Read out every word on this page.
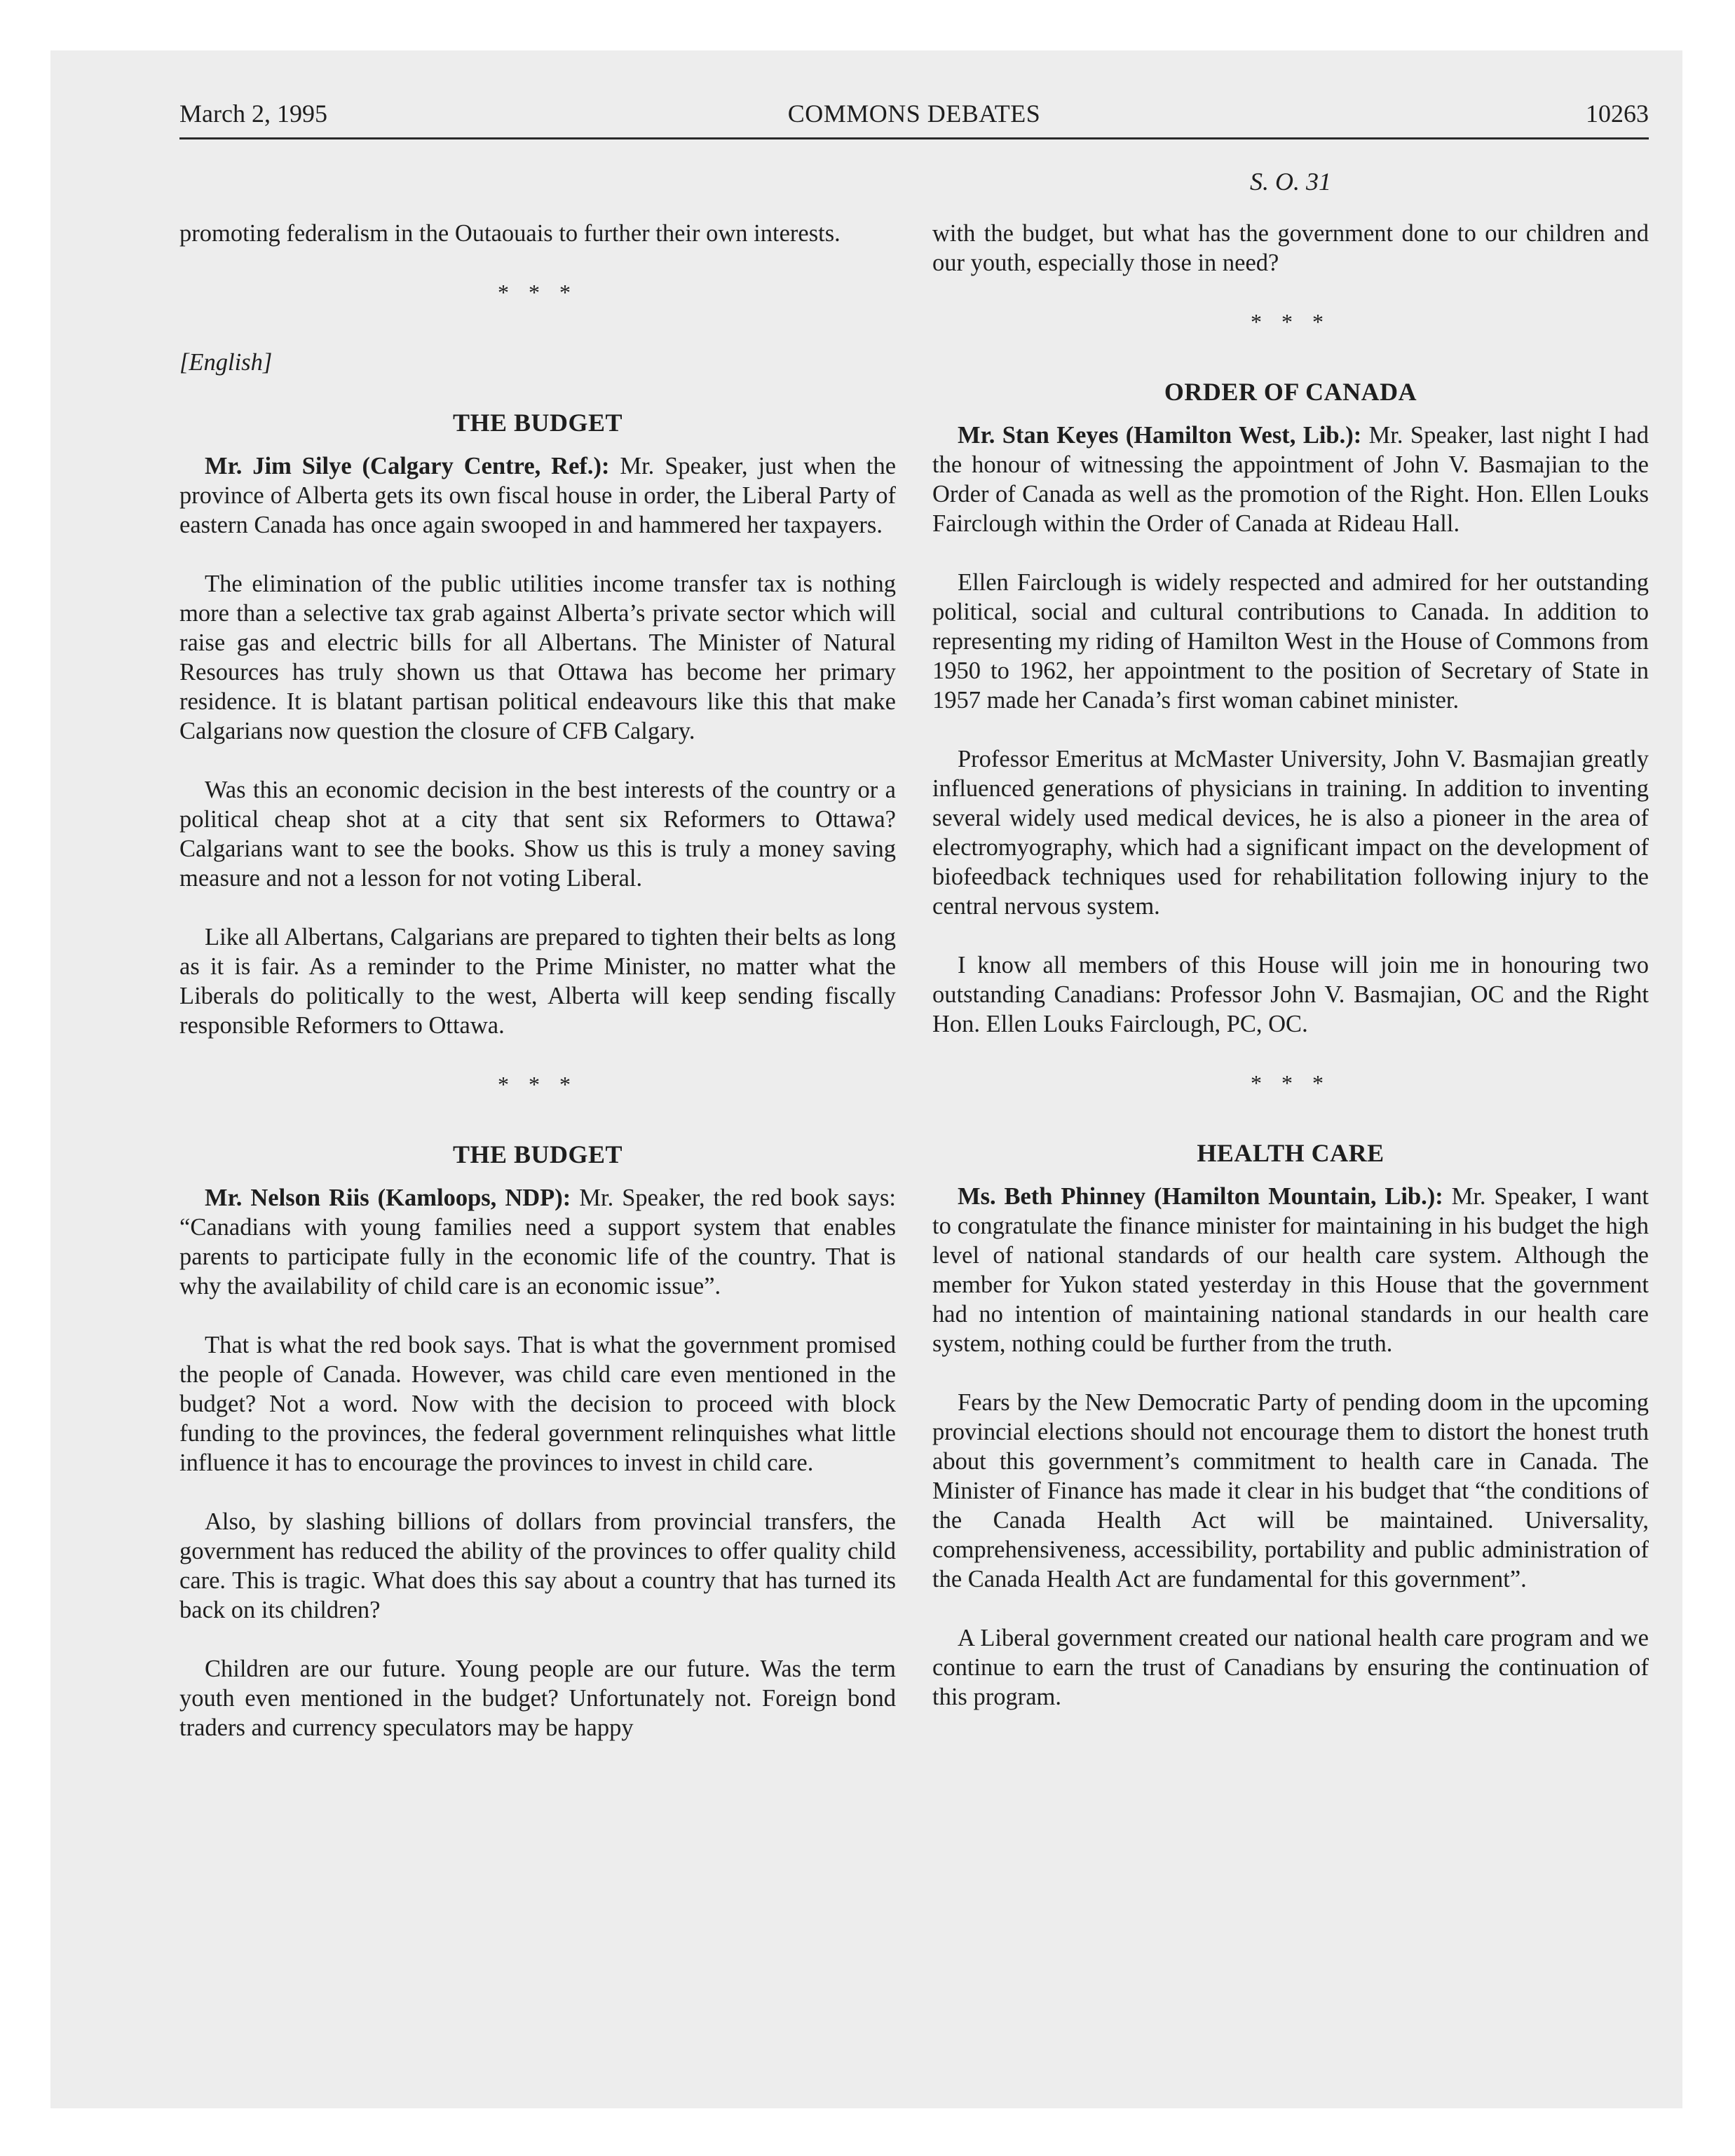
March 2, 1995	COMMONS DEBATES	10263
S. O. 31

promoting federalism in the Outaouais to further their own interests.

* * *
[English]
THE BUDGET

Mr. Jim Silye (Calgary Centre, Ref.): Mr. Speaker, just when the province of Alberta gets its own fiscal house in order, the Liberal Party of eastern Canada has once again swooped in and hammered her taxpayers.

The elimination of the public utilities income transfer tax is nothing more than a selective tax grab against Alberta’s private sector which will raise gas and electric bills for all Albertans. The Minister of Natural Resources has truly shown us that Ottawa has become her primary residence. It is blatant partisan political endeavours like this that make Calgarians now question the closure of CFB Calgary.

Was this an economic decision in the best interests of the country or a political cheap shot at a city that sent six Reformers to Ottawa? Calgarians want to see the books. Show us this is truly a money saving measure and not a lesson for not voting Liberal.

Like all Albertans, Calgarians are prepared to tighten their belts as long as it is fair. As a reminder to the Prime Minister, no matter what the Liberals do politically to the west, Alberta will keep sending fiscally responsible Reformers to Ottawa.

* * *
THE BUDGET

Mr. Nelson Riis (Kamloops, NDP): Mr. Speaker, the red book says: “Canadians with young families need a support system that enables parents to participate fully in the economic life of the country. That is why the availability of child care is an economic issue”.

That is what the red book says. That is what the government promised the people of Canada. However, was child care even mentioned in the budget? Not a word. Now with the decision to proceed with block funding to the provinces, the federal government relinquishes what little influence it has to encourage the provinces to invest in child care.

Also, by slashing billions of dollars from provincial transfers, the government has reduced the ability of the provinces to offer quality child care. This is tragic. What does this say about a country that has turned its back on its children?

Children are our future. Young people are our future. Was the term youth even mentioned in the budget? Unfortunately not. Foreign bond traders and currency speculators may be happy

with the budget, but what has the government done to our children and our youth, especially those in need?

* * *
ORDER OF CANADA

Mr. Stan Keyes (Hamilton West, Lib.): Mr. Speaker, last night I had the honour of witnessing the appointment of John V. Basmajian to the Order of Canada as well as the promotion of the Right. Hon. Ellen Louks Fairclough within the Order of Canada at Rideau Hall.

Ellen Fairclough is widely respected and admired for her outstanding political, social and cultural contributions to Canada. In addition to representing my riding of Hamilton West in the House of Commons from 1950 to 1962, her appointment to the position of Secretary of State in 1957 made her Canada’s first woman cabinet minister.

Professor Emeritus at McMaster University, John V. Basmajian greatly influenced generations of physicians in training. In addition to inventing several widely used medical devices, he is also a pioneer in the area of electromyography, which had a significant impact on the development of biofeedback techniques used for rehabilitation following injury to the central nervous system.

I know all members of this House will join me in honouring two outstanding Canadians: Professor John V. Basmajian, OC and the Right Hon. Ellen Louks Fairclough, PC, OC.

* * *
HEALTH CARE

Ms. Beth Phinney (Hamilton Mountain, Lib.): Mr. Speaker, I want to congratulate the finance minister for maintaining in his budget the high level of national standards of our health care system. Although the member for Yukon stated yesterday in this House that the government had no intention of maintaining national standards in our health care system, nothing could be further from the truth.

Fears by the New Democratic Party of pending doom in the upcoming provincial elections should not encourage them to distort the honest truth about this government’s commitment to health care in Canada. The Minister of Finance has made it clear in his budget that “the conditions of the Canada Health Act will be maintained. Universality, comprehensiveness, accessibility, portability and public administration of the Canada Health Act are fundamental for this government”.

A Liberal government created our national health care program and we continue to earn the trust of Canadians by ensuring the continuation of this program.
